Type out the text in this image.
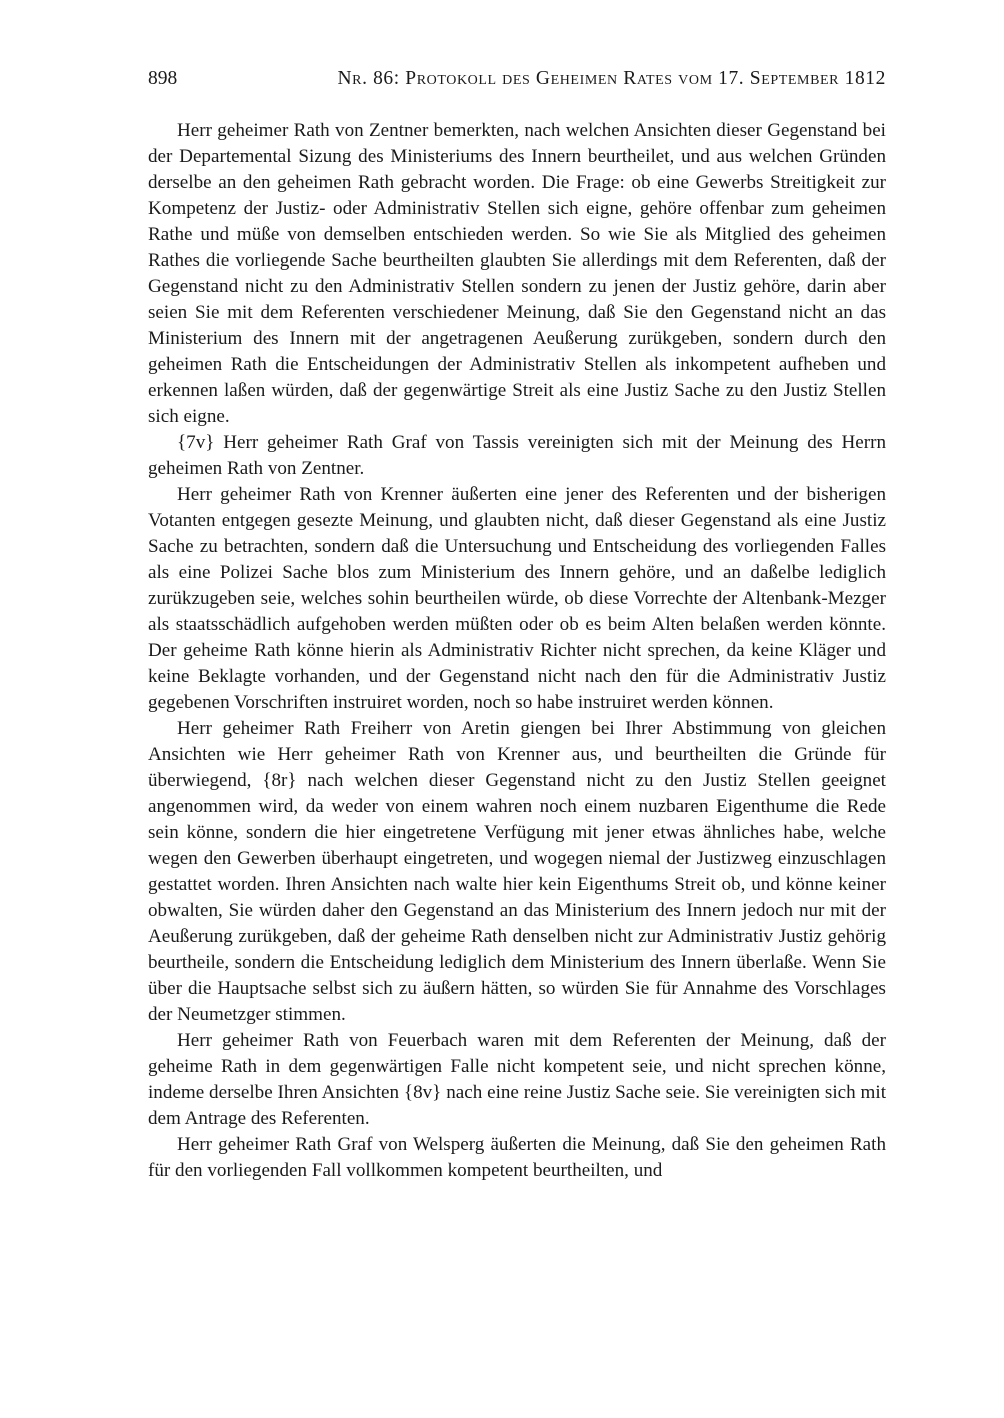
898	Nr. 86: Protokoll des Geheimen Rates vom 17. September 1812

Herr geheimer Rath von Zentner bemerkten, nach welchen Ansichten dieser Gegenstand bei der Departemental Sizung des Ministeriums des Innern beurtheilet, und aus welchen Gründen derselbe an den geheimen Rath gebracht worden. Die Frage: ob eine Gewerbs Streitigkeit zur Kompetenz der Justiz- oder Administrativ Stellen sich eigne, gehöre offenbar zum geheimen Rathe und müße von demselben entschieden werden. So wie Sie als Mitglied des geheimen Rathes die vorliegende Sache beurtheilten glaubten Sie allerdings mit dem Referenten, daß der Gegenstand nicht zu den Administrativ Stellen sondern zu jenen der Justiz gehöre, darin aber seien Sie mit dem Referenten verschiedener Meinung, daß Sie den Gegenstand nicht an das Ministerium des Innern mit der angetragenen Aeußerung zurükgeben, sondern durch den geheimen Rath die Entscheidungen der Administrativ Stellen als inkompetent aufheben und erkennen laßen würden, daß der gegenwärtige Streit als eine Justiz Sache zu den Justiz Stellen sich eigne.

{7v} Herr geheimer Rath Graf von Tassis vereinigten sich mit der Meinung des Herrn geheimen Rath von Zentner.

Herr geheimer Rath von Krenner äußerten eine jener des Referenten und der bisherigen Votanten entgegen gesezte Meinung, und glaubten nicht, daß dieser Gegenstand als eine Justiz Sache zu betrachten, sondern daß die Untersuchung und Entscheidung des vorliegenden Falles als eine Polizei Sache blos zum Ministerium des Innern gehöre, und an daßelbe lediglich zurükzugeben seie, welches sohin beurtheilen würde, ob diese Vorrechte der Altenbank-Mezger als staatsschädlich aufgehoben werden müßten oder ob es beim Alten belaßen werden könnte. Der geheime Rath könne hierin als Administrativ Richter nicht sprechen, da keine Kläger und keine Beklagte vorhanden, und der Gegenstand nicht nach den für die Administrativ Justiz gegebenen Vorschriften instruiret worden, noch so habe instruiret werden können.

Herr geheimer Rath Freiherr von Aretin giengen bei Ihrer Abstimmung von gleichen Ansichten wie Herr geheimer Rath von Krenner aus, und beurtheilten die Gründe für überwiegend, {8r} nach welchen dieser Gegenstand nicht zu den Justiz Stellen geeignet angenommen wird, da weder von einem wahren noch einem nuzbaren Eigenthume die Rede sein könne, sondern die hier eingetretene Verfügung mit jener etwas ähnliches habe, welche wegen den Gewerben überhaupt eingetreten, und wogegen niemal der Justizweg einzuschlagen gestattet worden. Ihren Ansichten nach walte hier kein Eigenthums Streit ob, und könne keiner obwalten, Sie würden daher den Gegenstand an das Ministerium des Innern jedoch nur mit der Aeußerung zurükgeben, daß der geheime Rath denselben nicht zur Administrativ Justiz gehörig beurtheile, sondern die Entscheidung lediglich dem Ministerium des Innern überlaße. Wenn Sie über die Hauptsache selbst sich zu äußern hätten, so würden Sie für Annahme des Vorschlages der Neumetzger stimmen.

Herr geheimer Rath von Feuerbach waren mit dem Referenten der Meinung, daß der geheime Rath in dem gegenwärtigen Falle nicht kompetent seie, und nicht sprechen könne, indeme derselbe Ihren Ansichten {8v} nach eine reine Justiz Sache seie. Sie vereinigten sich mit dem Antrage des Referenten.

Herr geheimer Rath Graf von Welsperg äußerten die Meinung, daß Sie den geheimen Rath für den vorliegenden Fall vollkommen kompetent beurtheilten, und
